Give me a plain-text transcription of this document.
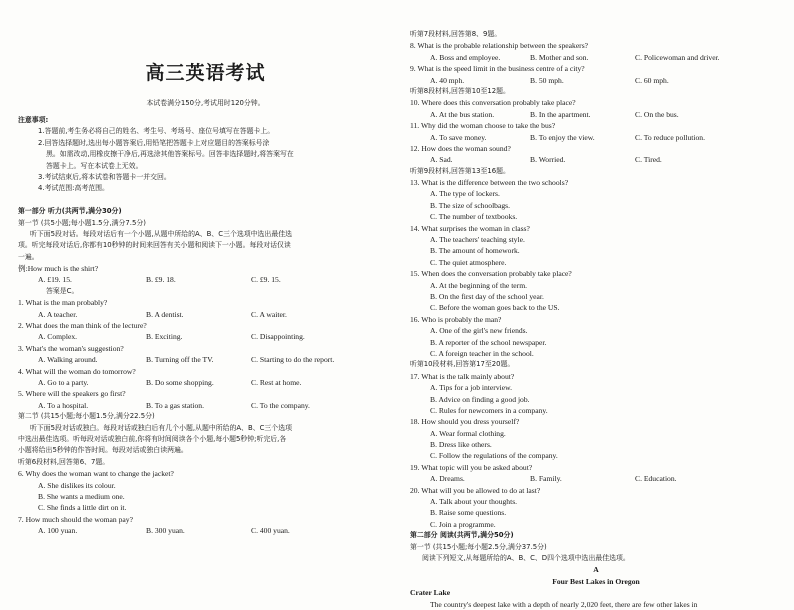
高三英语考试
本试卷满分150分,考试用时120分钟。
注意事项:
1.答题前,考生务必将自己的姓名、考生号、考场号、座位号填写在答题卡上。
2.回答选择题时,选出每小题答案后,用铅笔把答题卡上对应题目的答案标号涂
黑。如需改动,用橡皮擦干净后,再选涂其他答案标号。回答非选择题时,将答案写在
答题卡上。写在本试卷上无效。
3.考试结束后,将本试卷和答题卡一并交回。
4.考试范围:高考范围。
第一部分 听力(共两节,满分30分)
第一节 (共5小题;每小题1.5分,满分7.5分)
听下面5段对话。每段对话后有一个小题,从题中所给的A、B、C三个选项中选出最佳选
项。听完每段对话后,你都有10秒钟的时间来回答有关小题和阅读下一小题。每段对话仅读
一遍。
例:How much is the shirt?
A. £19. 15.	B. £9. 18.	C. £9. 15.
答案是C。
1. What is the man probably?
A. A teacher.	B. A dentist.	C. A waiter.
2. What does the man think of the lecture?
A. Complex.	B. Exciting.	C. Disappointing.
3. What's the woman's suggestion?
A. Walking around.	B. Turning off the TV.	C. Starting to do the report.
4. What will the woman do tomorrow?
A. Go to a party.	B. Do some shopping.	C. Rest at home.
5. Where will the speakers go first?
A. To a hospital.	B. To a gas station.	C. To the company.
第二节 (共15小题;每小题1.5分,满分22.5分)
听下面5段对话或独白。每段对话或独白后有几个小题,从题中所给的A、B、C三个选项
中选出最佳选项。听每段对话或独白前,你将有时间阅读各个小题,每小题5秒钟;听完后,各
小题将给出5秒钟的作答时间。每段对话或独白读两遍。
听第6段材料,回答第6、7题。
6. Why does the woman want to change the jacket?
A. She dislikes its colour.
B. She wants a medium one.
C. She finds a little dirt on it.
7. How much should the woman pay?
A. 100 yuan.	B. 300 yuan.	C. 400 yuan.
听第7段材料,回答第8、9题。
8. What is the probable relationship between the speakers?
A. Boss and employee.	B. Mother and son.	C. Policewoman and driver.
9. What is the speed limit in the business centre of a city?
A. 40 mph.	B. 50 mph.	C. 60 mph.
听第8段材料,回答第10至12题。
10. Where does this conversation probably take place?
A. At the bus station.	B. In the apartment.	C. On the bus.
11. Why did the woman choose to take the bus?
A. To save money.	B. To enjoy the view.	C. To reduce pollution.
12. How does the woman sound?
A. Sad.	B. Worried.	C. Tired.
听第9段材料,回答第13至16题。
13. What is the difference between the two schools?
A. The type of lockers.
B. The size of schoolbags.
C. The number of textbooks.
14. What surprises the woman in class?
A. The teachers' teaching style.
B. The amount of homework.
C. The quiet atmosphere.
15. When does the conversation probably take place?
A. At the beginning of the term.
B. On the first day of the school year.
C. Before the woman goes back to the US.
16. Who is probably the man?
A. One of the girl's new friends.
B. A reporter of the school newspaper.
C. A foreign teacher in the school.
听第10段材料,回答第17至20题。
17. What is the talk mainly about?
A. Tips for a job interview.
B. Advice on finding a good job.
C. Rules for newcomers in a company.
18. How should you dress yourself?
A. Wear formal clothing.
B. Dress like others.
C. Follow the regulations of the company.
19. What topic will you be asked about?
A. Dreams.	B. Family.	C. Education.
20. What will you be allowed to do at last?
A. Talk about your thoughts.
B. Raise some questions.
C. Join a programme.
第二部分 阅读(共两节,满分50分)
第一节 (共15小题;每小题2.5分,满分37.5分)
阅读下列短文,从每题所给的A、B、C、D四个选项中选出最佳选项。
A
Four Best Lakes in Oregon
Crater Lake
The country's deepest lake with a depth of nearly 2,020 feet, there are few other lakes in
